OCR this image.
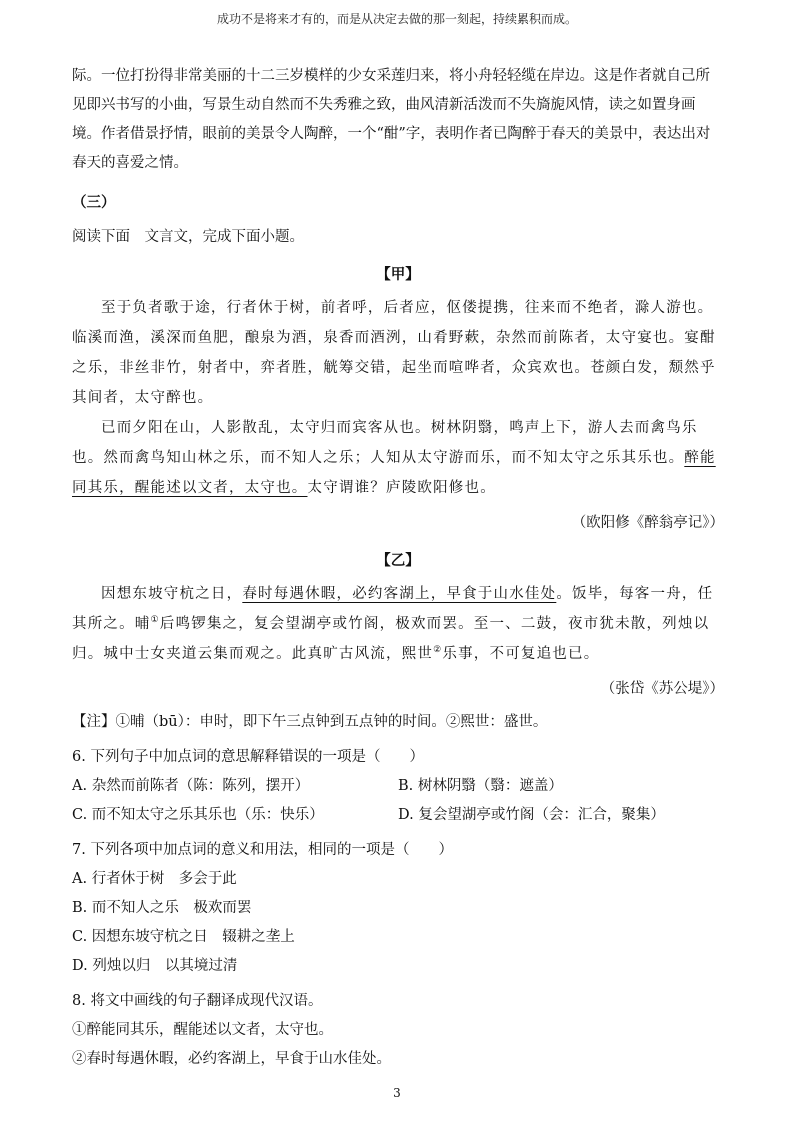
成功不是将来才有的，而是从决定去做的那一刻起，持续累积而成。

际。一位打扮得非常美丽的十二三岁模样的少女采莲归来，将小舟轻轻缆在岸边。这是作者就自己所见即兴书写的小曲，写景生动自然而不失秀雅之致，曲风清新活泼而不失旖旎风情，读之如置身画境。作者借景抒情，眼前的美景令人陶醉，一个“酣”字，表明作者已陶醉于春天的美景中，表达出对春天的喜爱之情。

（三）

阅读下面　文言文，完成下面小题。

【甲】

至于负者歌于途，行者休于树，前者呼，后者应，伛偻提携，往来而不绝者，滁人游也。临溪而渔，溪深而鱼肥，酿泉为酒，泉香而酒洌，山肴野蔌，杂然而前陈者，太守宴也。宴酣之乐，非丝非竹，射者中，弈者胜，觥筹交错，起坐而喧哗者，众宾欢也。苍颜白发，颓然乎其间者，太守醉也。

已而夕阳在山，人影散乱，太守归而宾客从也。树林阴翳，鸣声上下，游人去而禽鸟乐也。然而禽鸟知山林之乐，而不知人之乐；人知从太守游而乐，而不知太守之乐其乐也。醉能同其乐，醒能述以文者，太守也。太守谓谁？庐陵欧阳修也。

（欧阳修《醉翁亭记》）

【乙】

因想东坡守杭之日，春时每遇休暇，必约客湖上，早食于山水佳处。饭毕，每客一舟，任其所之。晡①后鸣锣集之，复会望湖亭或竹阁，极欢而罢。至一、二鼓，夜市犹未散，列烛以归。城中士女夹道云集而观之。此真旷古风流，熙世②乐事，不可复追也已。

（张岱《苏公堤》）

【注】①晡（bū）：申时，即下午三点钟到五点钟的时间。②熙世：盛世。

6. 下列句子中加点词的意思解释错误的一项是（　　）

A. 杂然而前陈者（陈：陈列，摆开）	B. 树林阴翳（翳：遮盖）
C. 而不知太守之乐其乐也（乐：快乐）	D. 复会望湖亭或竹阁（会：汇合，聚集）

7. 下列各项中加点词的意义和用法，相同的一项是（　　）

A. 行者休于树　多会于此

B. 而不知人之乐　极欢而罢

C. 因想东坡守杭之日　辍耕之垄上

D. 列烛以归　以其境过清

8. 将文中画线的句子翻译成现代汉语。

①醉能同其乐，醒能述以文者，太守也。

②春时每遇休暇，必约客湖上，早食于山水佳处。

3
